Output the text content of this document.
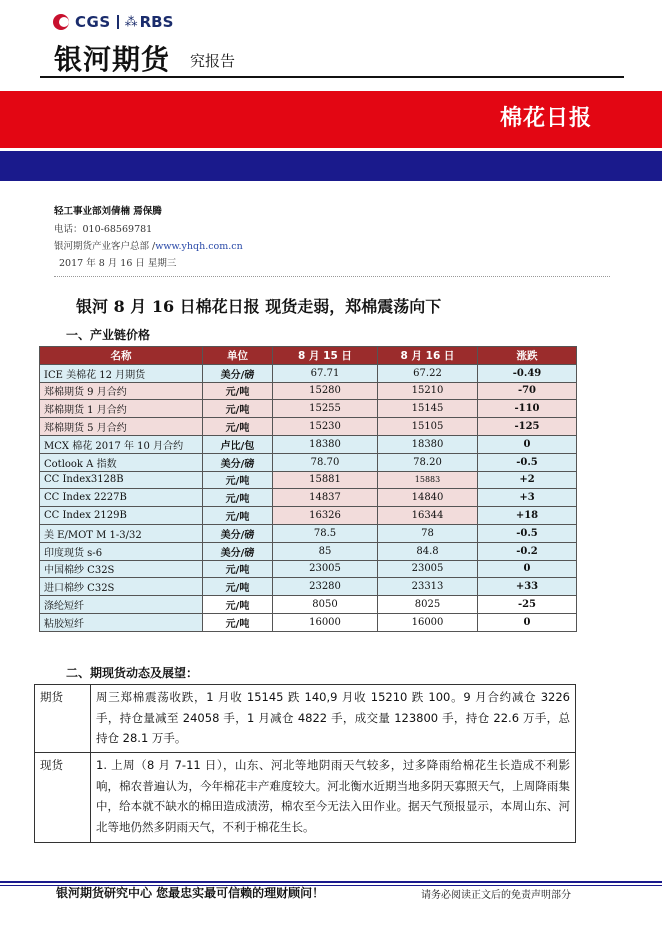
CGS ⁂ RBS
银河期货 究报告
棉花日报
轻工事业部刘倩楠 焉保腾
电话：010-68569781
银河期货产业客户总部 /www.yhqh.com.cn
2017 年 8 月 16 日 星期三
银河 8 月 16 日棉花日报 现货走弱，郑棉震荡向下
一、产业链价格
名称	单位	8 月 15 日	8 月 16 日	涨跌
ICE 美棉花 12 月期货	美分/磅	67.71	67.22	-0.49
郑棉期货 9 月合约	元/吨	15280	15210	-70
郑棉期货 1 月合约	元/吨	15255	15145	-110
郑棉期货 5 月合约	元/吨	15230	15105	-125
MCX 棉花 2017 年 10 月合约	卢比/包	18380	18380	0
Cotlook A 指数	美分/磅	78.70	78.20	-0.5
CC Index3128B	元/吨	15881	15883	+2
CC Index 2227B	元/吨	14837	14840	+3
CC Index 2129B	元/吨	16326	16344	+18
美 E/MOT M 1-3/32	美分/磅	78.5	78	-0.5
印度现货 s-6	美分/磅	85	84.8	-0.2
中国棉纱 C32S	元/吨	23005	23005	0
进口棉纱 C32S	元/吨	23280	23313	+33
涤纶短纤	元/吨	8050	8025	-25
粘胶短纤	元/吨	16000	16000	0
二、期现货动态及展望：
期货	周三郑棉震荡收跌，1 月收 15145 跌 140,9 月收 15210 跌 100。9 月合约减仓 3226 手，持仓量减至 24058 手，1 月减仓 4822 手，成交量 123800 手，持仓 22.6 万手，总持仓 28.1 万手。
现货	1. 上周（8 月 7-11 日），山东、河北等地阴雨天气较多，过多降雨给棉花生长造成不利影响，棉农普遍认为，今年棉花丰产难度较大。河北衡水近期当地多阴天寡照天气，上周降雨集中，给本就不缺水的棉田造成渍涝，棉农至今无法入田作业。据天气预报显示，本周山东、河北等地仍然多阴雨天气，不利于棉花生长。
银河期货研究中心 您最忠实最可信赖的理财顾问！	请务必阅读正文后的免责声明部分
